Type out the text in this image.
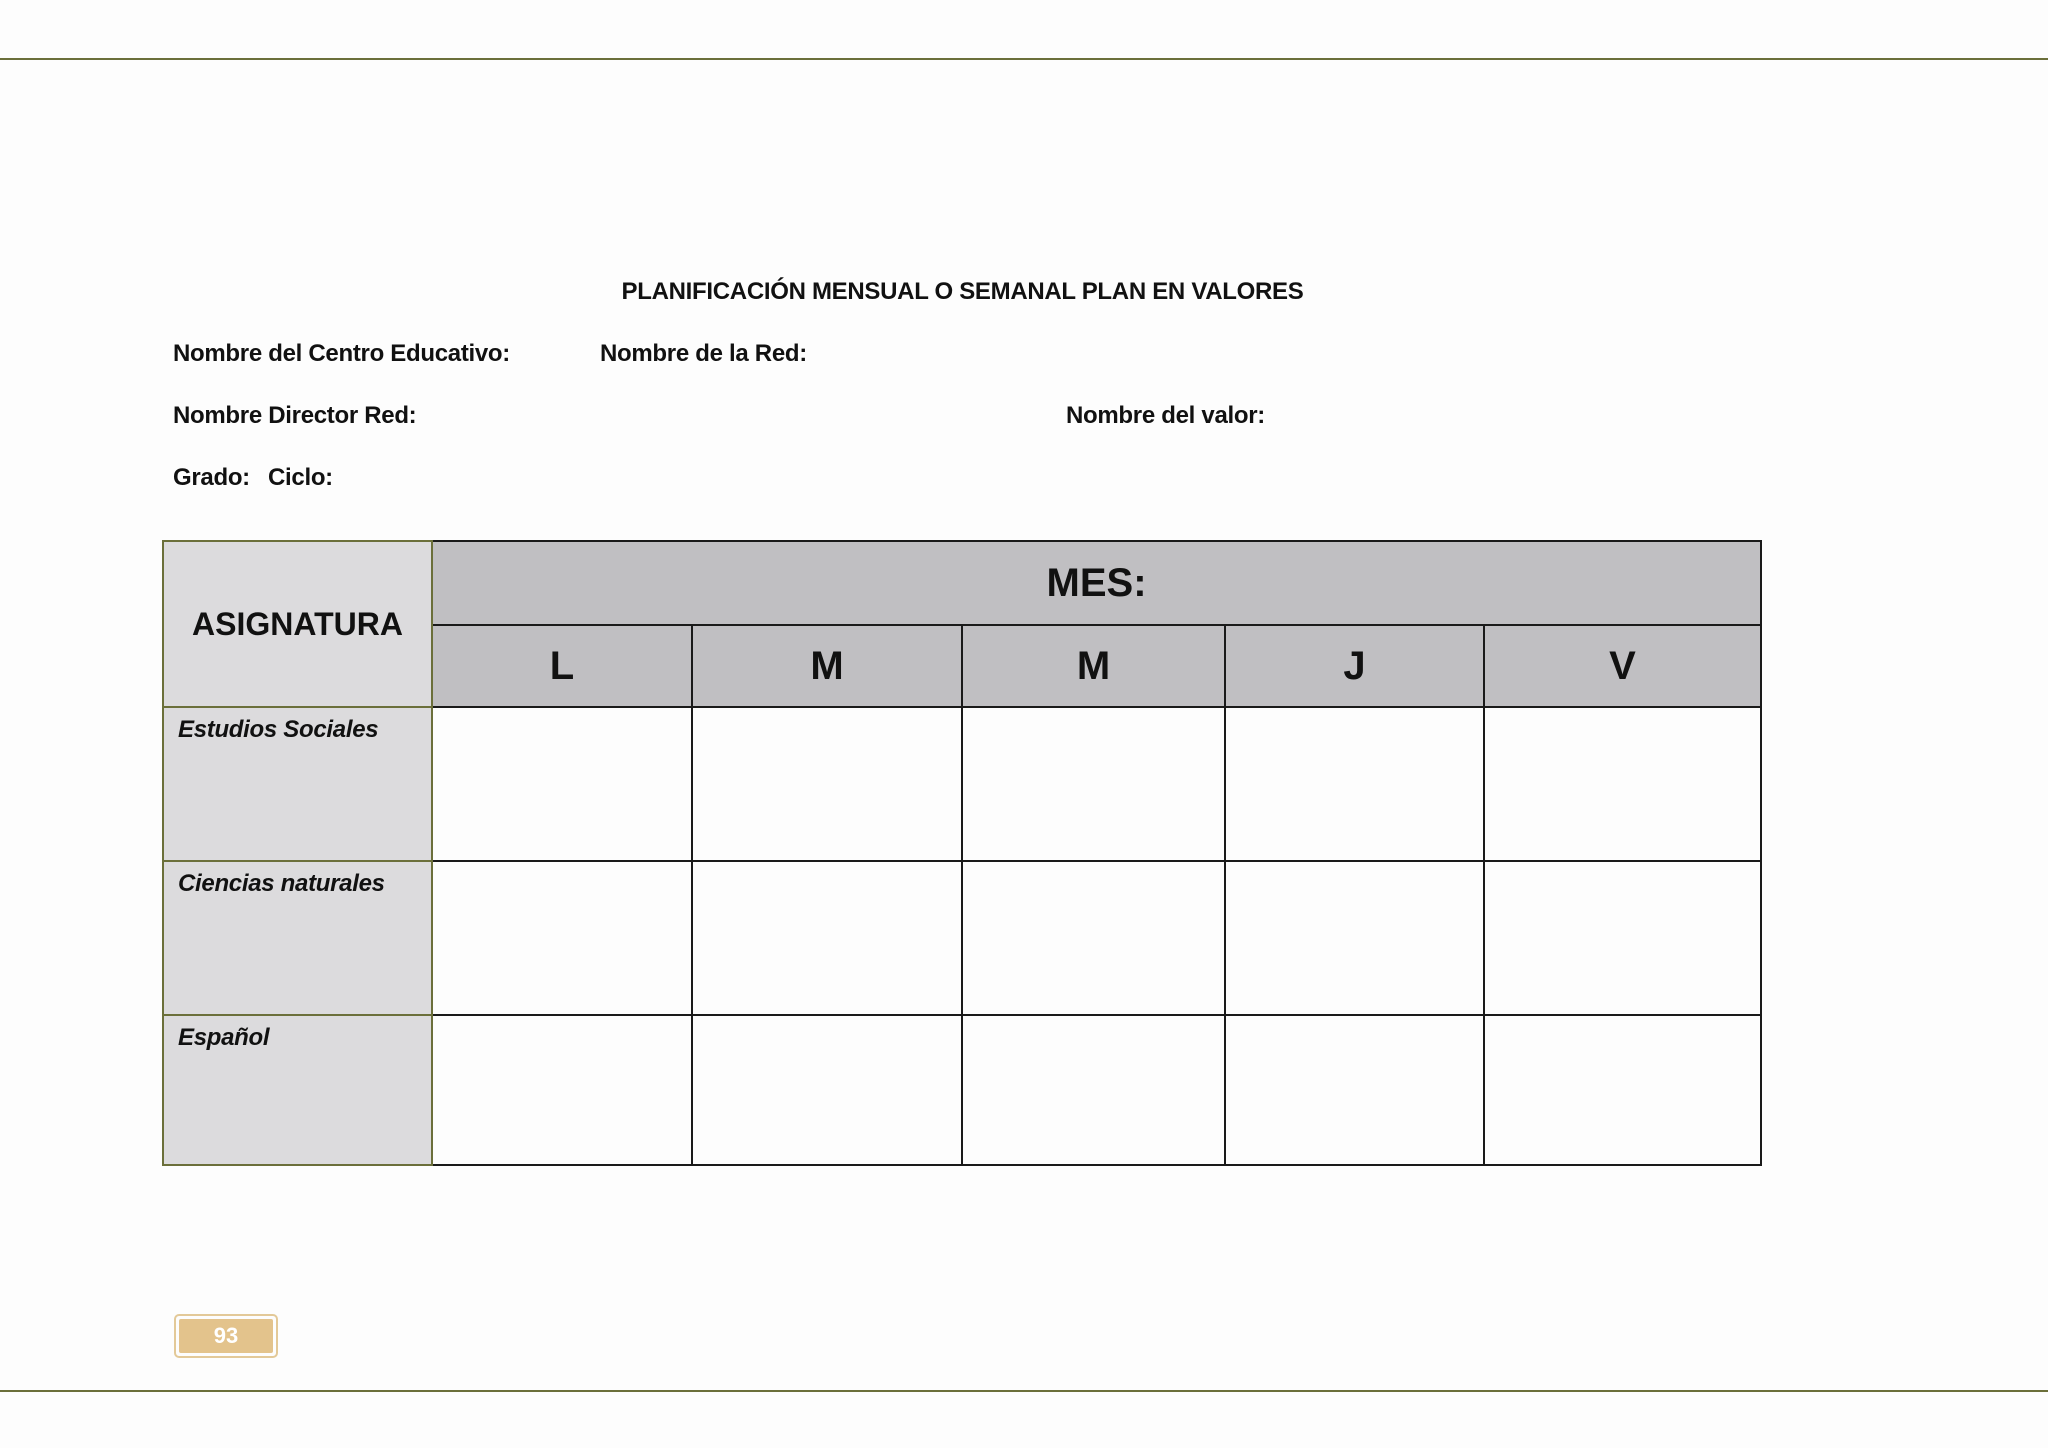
PLANIFICACIÓN MENSUAL O SEMANAL PLAN EN VALORES
Nombre del Centro Educativo:	Nombre de la Red:
Nombre Director Red:	Nombre del valor:
Grado: Ciclo:
ASIGNATURA	MES:				
	L	M	M	J	V
Estudios Sociales					
Ciencias naturales					
Español					
93
